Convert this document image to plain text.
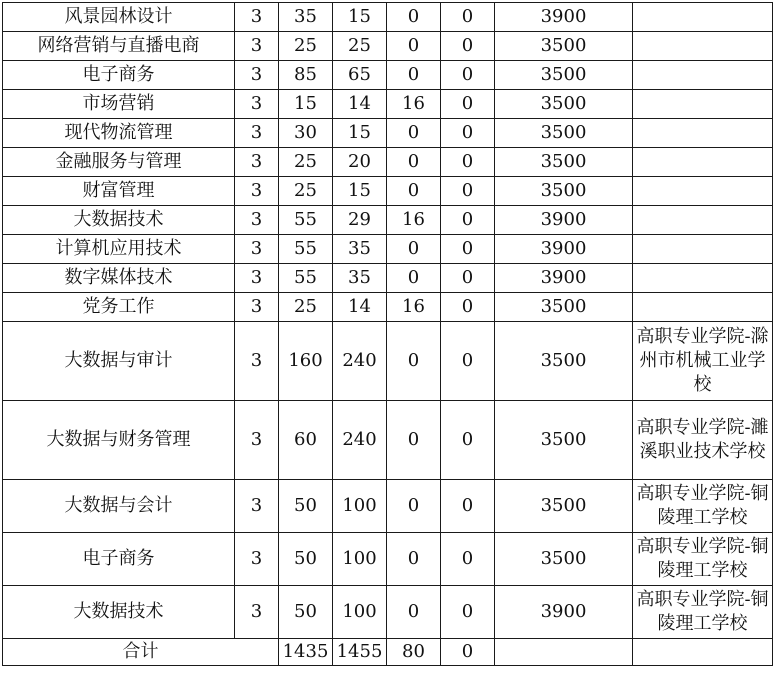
风景园林设计	3	35	15	0	0	3900	
网络营销与直播电商	3	25	25	0	0	3500	
电子商务	3	85	65	0	0	3500	
市场营销	3	15	14	16	0	3500	
现代物流管理	3	30	15	0	0	3500	
金融服务与管理	3	25	20	0	0	3500	
财富管理	3	25	15	0	0	3500	
大数据技术	3	55	29	16	0	3900	
计算机应用技术	3	55	35	0	0	3900	
数字媒体技术	3	55	35	0	0	3900	
党务工作	3	25	14	16	0	3500	
大数据与审计	3	160	240	0	0	3500	高职专业学院-滁州市机械工业学校
大数据与财务管理	3	60	240	0	0	3500	高职专业学院-濉溪职业技术学校
大数据与会计	3	50	100	0	0	3500	高职专业学院-铜陵理工学校
电子商务	3	50	100	0	0	3500	高职专业学院-铜陵理工学校
大数据技术	3	50	100	0	0	3900	高职专业学院-铜陵理工学校
合计		1435	1455	80	0		
